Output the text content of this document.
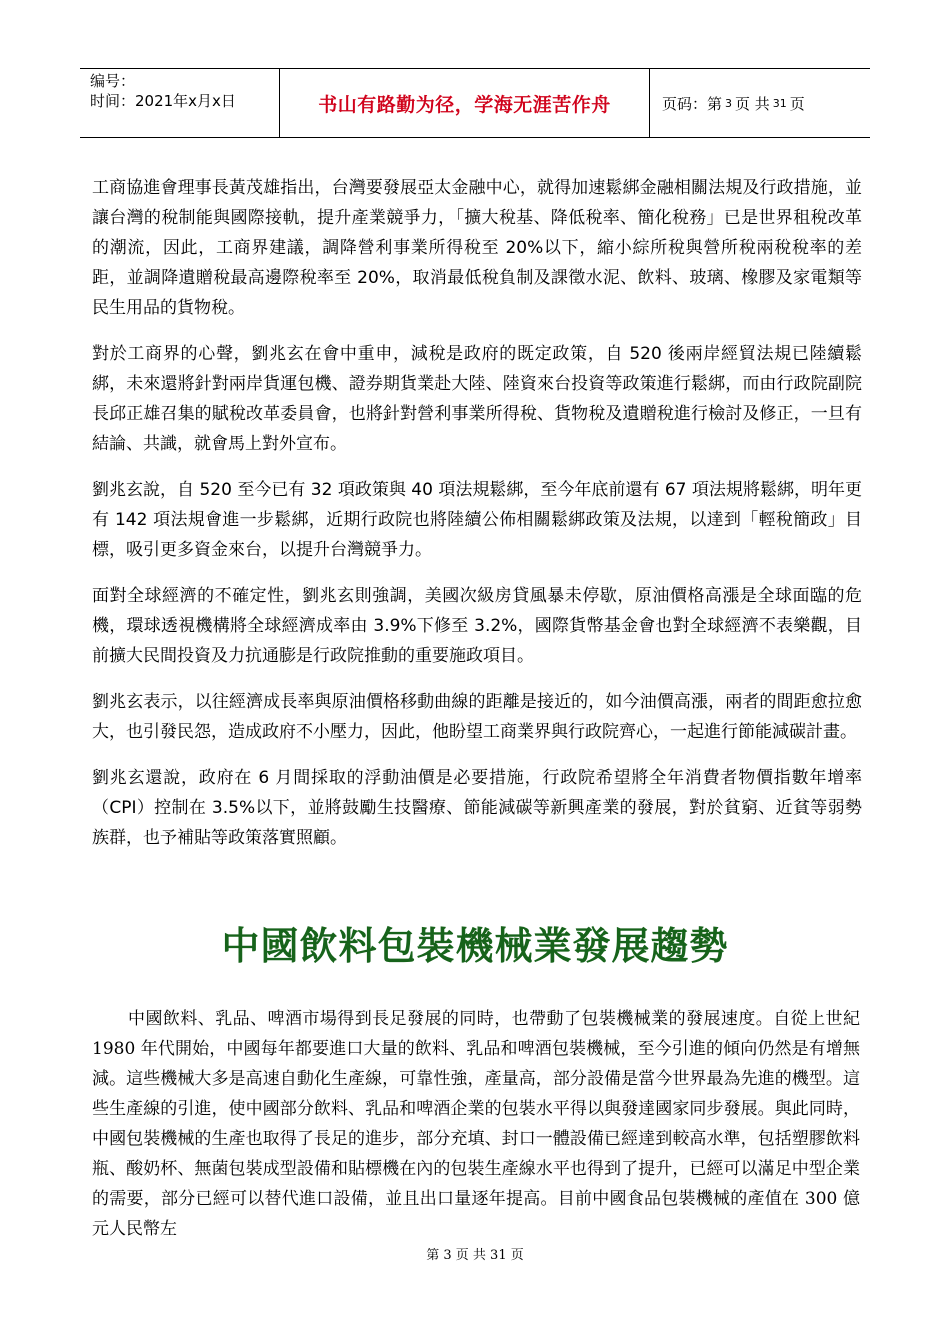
编号：
时间：2021年x月x日	书山有路勤为径，学海无涯苦作舟	页码：第 3 页 共 31 页

工商協進會理事長黃茂雄指出，台灣要發展亞太金融中心，就得加速鬆綁金融相關法規及行政措施，並讓台灣的稅制能與國際接軌，提升產業競爭力，「擴大稅基、降低稅率、簡化稅務」已是世界租稅改革的潮流，因此，工商界建議，調降營利事業所得稅至 20%以下，縮小綜所稅與營所稅兩稅稅率的差距，並調降遺贈稅最高邊際稅率至 20%，取消最低稅負制及課徵水泥、飲料、玻璃、橡膠及家電類等民生用品的貨物稅。

對於工商界的心聲，劉兆玄在會中重申，減稅是政府的既定政策，自 520 後兩岸經貿法規已陸續鬆綁，未來還將針對兩岸貨運包機、證券期貨業赴大陸、陸資來台投資等政策進行鬆綁，而由行政院副院長邱正雄召集的賦稅改革委員會，也將針對營利事業所得稅、貨物稅及遺贈稅進行檢討及修正，一旦有結論、共識，就會馬上對外宣布。

劉兆玄說，自 520 至今已有 32 項政策與 40 項法規鬆綁，至今年底前還有 67 項法規將鬆綁，明年更有 142 項法規會進一步鬆綁，近期行政院也將陸續公佈相關鬆綁政策及法規，以達到「輕稅簡政」目標，吸引更多資金來台，以提升台灣競爭力。

面對全球經濟的不確定性，劉兆玄則強調，美國次級房貸風暴未停歇，原油價格高漲是全球面臨的危機，環球透視機構將全球經濟成率由 3.9%下修至 3.2%，國際貨幣基金會也對全球經濟不表樂觀，目前擴大民間投資及力抗通膨是行政院推動的重要施政項目。

劉兆玄表示，以往經濟成長率與原油價格移動曲線的距離是接近的，如今油價高漲，兩者的間距愈拉愈大，也引發民怨，造成政府不小壓力，因此，他盼望工商業界與行政院齊心，一起進行節能減碳計畫。

劉兆玄還說，政府在 6 月間採取的浮動油價是必要措施，行政院希望將全年消費者物價指數年增率（CPI）控制在 3.5%以下，並將鼓勵生技醫療、節能減碳等新興產業的發展，對於貧窮、近貧等弱勢族群，也予補貼等政策落實照顧。

中國飲料包裝機械業發展趨勢

中國飲料、乳品、啤酒市場得到長足發展的同時，也帶動了包裝機械業的發展速度。自從上世紀 1980 年代開始，中國每年都要進口大量的飲料、乳品和啤酒包裝機械，至今引進的傾向仍然是有增無減。這些機械大多是高速自動化生產線，可靠性強，產量高，部分設備是當今世界最為先進的機型。這些生產線的引進，使中國部分飲料、乳品和啤酒企業的包裝水平得以與發達國家同步發展。與此同時，中國包裝機械的生產也取得了長足的進步，部分充填、封口一體設備已經達到較高水準，包括塑膠飲料瓶、酸奶杯、無菌包裝成型設備和貼標機在內的包裝生產線水平也得到了提升，已經可以滿足中型企業的需要，部分已經可以替代進口設備，並且出口量逐年提高。目前中國食品包裝機械的產值在 300 億元人民幣左

第 3 页 共 31 页
